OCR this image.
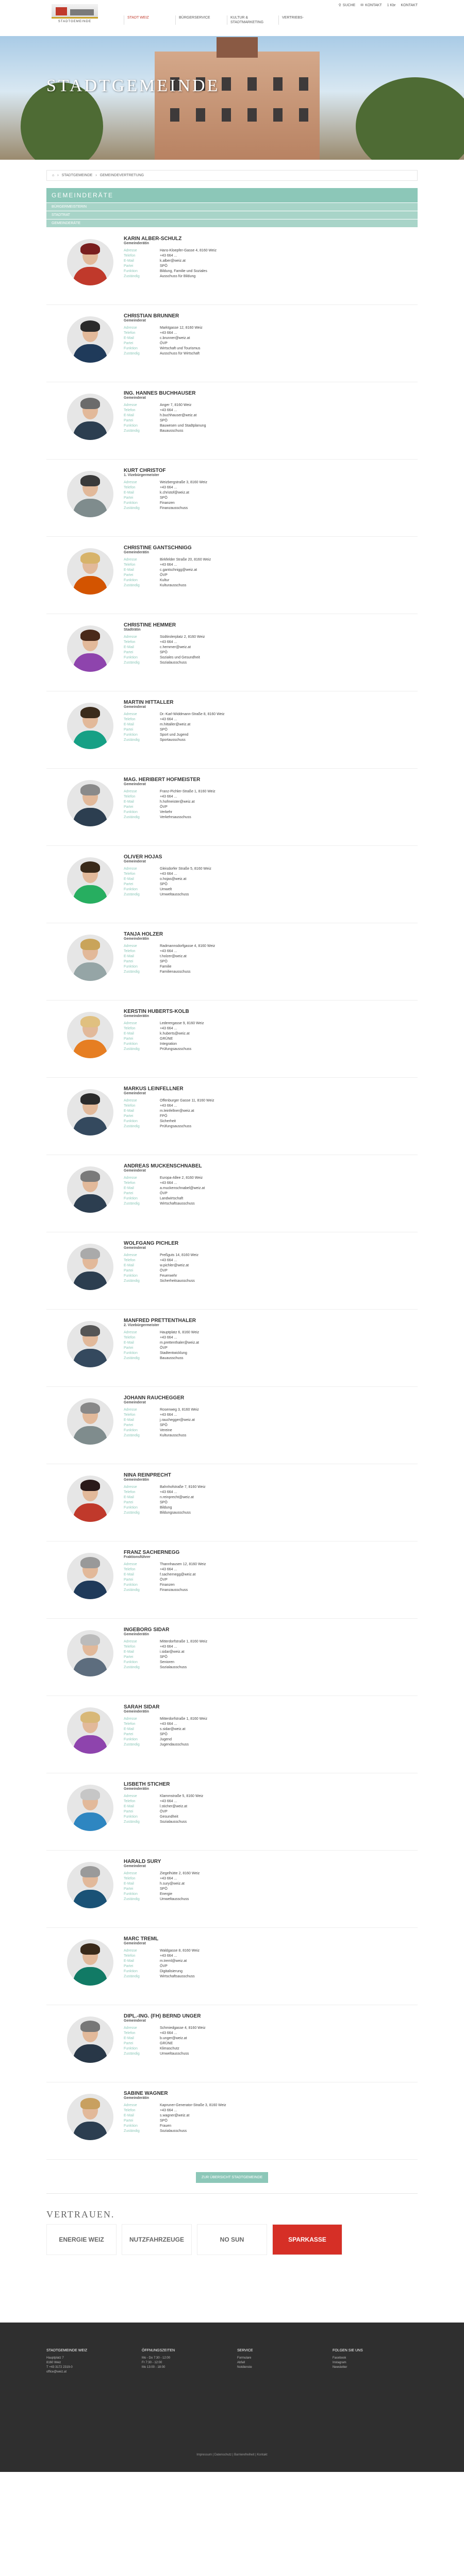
STADTGEMEINDE
STADT WEIZ	BÜRGERSERVICE	KULTUR & STADTMARKETING
VERTRIEBS-
⚲ SUCHE ✉ KONTAKT 1 Kbr KONTAKT
STADTGEMEINDE
⌂ › STADTGEMEINDE › GEMEINDEVERTRETUNG
GEMEINDERÄTE
BÜRGERMEISTERIN
STADTRAT
GEMEINDERÄTE
KARIN ALBER-SCHULZ
Gemeinderätin
Adresse	Hans-Kloepfer-Gasse 4, 8160 Weiz
Telefon	+43 664 ...
E-Mail	k.alber@weiz.at
Partei	SPÖ
Funktion	Bildung, Familie und Soziales
Zuständig	Ausschuss für Bildung
CHRISTIAN BRUNNER
Gemeinderat
Adresse	Marktgasse 12, 8160 Weiz
Telefon	+43 664 ...
E-Mail	c.brunner@weiz.at
Partei	ÖVP
Funktion	Wirtschaft und Tourismus
Zuständig	Ausschuss für Wirtschaft
ING. HANNES BUCHHAUSER
Gemeinderat
Adresse	Anger 7, 8160 Weiz
Telefon	+43 664 ...
E-Mail	h.buchhauser@weiz.at
Partei	SPÖ
Funktion	Bauwesen und Stadtplanung
Zuständig	Bauausschuss
KURT CHRISTOF
1. Vizebürgermeister
Adresse	Weizbergstraße 3, 8160 Weiz
Telefon	+43 664 ...
E-Mail	k.christof@weiz.at
Partei	SPÖ
Funktion	Finanzen
Zuständig	Finanzausschuss
CHRISTINE GANTSCHNIGG
Gemeinderätin
Adresse	Birkfelder Straße 20, 8160 Weiz
Telefon	+43 664 ...
E-Mail	c.gantschnigg@weiz.at
Partei	ÖVP
Funktion	Kultur
Zuständig	Kulturausschuss
CHRISTINE HEMMER
Stadträtin
Adresse	Südtirolerplatz 2, 8160 Weiz
Telefon	+43 664 ...
E-Mail	c.hemmer@weiz.at
Partei	SPÖ
Funktion	Soziales und Gesundheit
Zuständig	Sozialausschuss
MARTIN HITTALLER
Gemeinderat
Adresse	Dr.-Karl-Widdmann-Straße 8, 8160 Weiz
Telefon	+43 664 ...
E-Mail	m.hittaller@weiz.at
Partei	SPÖ
Funktion	Sport und Jugend
Zuständig	Sportausschuss
MAG. HERIBERT HOFMEISTER
Gemeinderat
Adresse	Franz-Pichler-Straße 1, 8160 Weiz
Telefon	+43 664 ...
E-Mail	h.hofmeister@weiz.at
Partei	ÖVP
Funktion	Verkehr
Zuständig	Verkehrsausschuss
OLIVER HOJAS
Gemeinderat
Adresse	Gleisdorfer Straße 5, 8160 Weiz
Telefon	+43 664 ...
E-Mail	o.hojas@weiz.at
Partei	SPÖ
Funktion	Umwelt
Zuständig	Umweltausschuss
TANJA HOLZER
Gemeinderätin
Adresse	Radmannsdorfgasse 4, 8160 Weiz
Telefon	+43 664 ...
E-Mail	t.holzer@weiz.at
Partei	SPÖ
Funktion	Familie
Zuständig	Familienausschuss
KERSTIN HUBERTS-KOLB
Gemeinderätin
Adresse	Lederergasse 9, 8160 Weiz
Telefon	+43 664 ...
E-Mail	k.huberts@weiz.at
Partei	GRÜNE
Funktion	Integration
Zuständig	Prüfungsausschuss
MARKUS LEINFELLNER
Gemeinderat
Adresse	Offenburger Gasse 11, 8160 Weiz
Telefon	+43 664 ...
E-Mail	m.leinfellner@weiz.at
Partei	FPÖ
Funktion	Sicherheit
Zuständig	Prüfungsausschuss
ANDREAS MUCKENSCHNABEL
Gemeinderat
Adresse	Europa-Allee 2, 8160 Weiz
Telefon	+43 664 ...
E-Mail	a.muckenschnabel@weiz.at
Partei	ÖVP
Funktion	Landwirtschaft
Zuständig	Wirtschaftsausschuss
WOLFGANG PICHLER
Gemeinderat
Adresse	Preßguts 14, 8160 Weiz
Telefon	+43 664 ...
E-Mail	w.pichler@weiz.at
Partei	ÖVP
Funktion	Feuerwehr
Zuständig	Sicherheitsausschuss
MANFRED PRETTENTHALER
2. Vizebürgermeister
Adresse	Hauptplatz 6, 8160 Weiz
Telefon	+43 664 ...
E-Mail	m.prettenthaler@weiz.at
Partei	ÖVP
Funktion	Stadtentwicklung
Zuständig	Bauausschuss
JOHANN RAUCHEGGER
Gemeinderat
Adresse	Rosenweg 3, 8160 Weiz
Telefon	+43 664 ...
E-Mail	j.rauchegger@weiz.at
Partei	SPÖ
Funktion	Vereine
Zuständig	Kulturausschuss
NINA REINPRECHT
Gemeinderätin
Adresse	Bahnhofstraße 7, 8160 Weiz
Telefon	+43 664 ...
E-Mail	n.reinprecht@weiz.at
Partei	SPÖ
Funktion	Bildung
Zuständig	Bildungsausschuss
FRANZ SACHERNEGG
Fraktionsführer
Adresse	Thannhausen 12, 8160 Weiz
Telefon	+43 664 ...
E-Mail	f.sachernegg@weiz.at
Partei	ÖVP
Funktion	Finanzen
Zuständig	Finanzausschuss
INGEBORG SIDAR
Gemeinderätin
Adresse	Mitterdorfstraße 1, 8160 Weiz
Telefon	+43 664 ...
E-Mail	i.sidar@weiz.at
Partei	SPÖ
Funktion	Senioren
Zuständig	Sozialausschuss
SARAH SIDAR
Gemeinderätin
Adresse	Mitterdorfstraße 1, 8160 Weiz
Telefon	+43 664 ...
E-Mail	s.sidar@weiz.at
Partei	SPÖ
Funktion	Jugend
Zuständig	Jugendausschuss
LISBETH STICHER
Gemeinderätin
Adresse	Klammstraße 5, 8160 Weiz
Telefon	+43 664 ...
E-Mail	l.sticher@weiz.at
Partei	ÖVP
Funktion	Gesundheit
Zuständig	Sozialausschuss
HARALD SURY
Gemeinderat
Adresse	Ziegelhütte 2, 8160 Weiz
Telefon	+43 664 ...
E-Mail	h.sury@weiz.at
Partei	SPÖ
Funktion	Energie
Zuständig	Umweltausschuss
MARC TREML
Gemeinderat
Adresse	Waldgasse 8, 8160 Weiz
Telefon	+43 664 ...
E-Mail	m.treml@weiz.at
Partei	ÖVP
Funktion	Digitalisierung
Zuständig	Wirtschaftsausschuss
DIPL.-ING. (FH) BERND UNGER
Gemeinderat
Adresse	Schmiedgasse 4, 8160 Weiz
Telefon	+43 664 ...
E-Mail	b.unger@weiz.at
Partei	GRÜNE
Funktion	Klimaschutz
Zuständig	Umweltausschuss
SABINE WAGNER
Gemeinderätin
Adresse	Kapruner-Generator-Straße 3, 8160 Weiz
Telefon	+43 664 ...
E-Mail	s.wagner@weiz.at
Partei	SPÖ
Funktion	Frauen
Zuständig	Sozialausschuss
ZUR ÜBERSICHT STADTGEMEINDE
VERTRAUEN.
ENERGIE WEIZ	NUTZFAHRZEUGE	NO SUN	SPARKASSE
STADTGEMEINDE WEIZ
Hauptplatz 7
8160 Weiz
T +43 3172 2319-0
office@weiz.at
ÖFFNUNGSZEITEN
Mo - Do 7:30 - 12:00
Fr 7:30 - 12:00
Mo 13:00 - 18:00
SERVICE
Formulare
Abfall
Notdienste
FOLGEN SIE UNS
Facebook
Instagram
Newsletter
Impressum | Datenschutz | Barrierefreiheit | Kontakt
